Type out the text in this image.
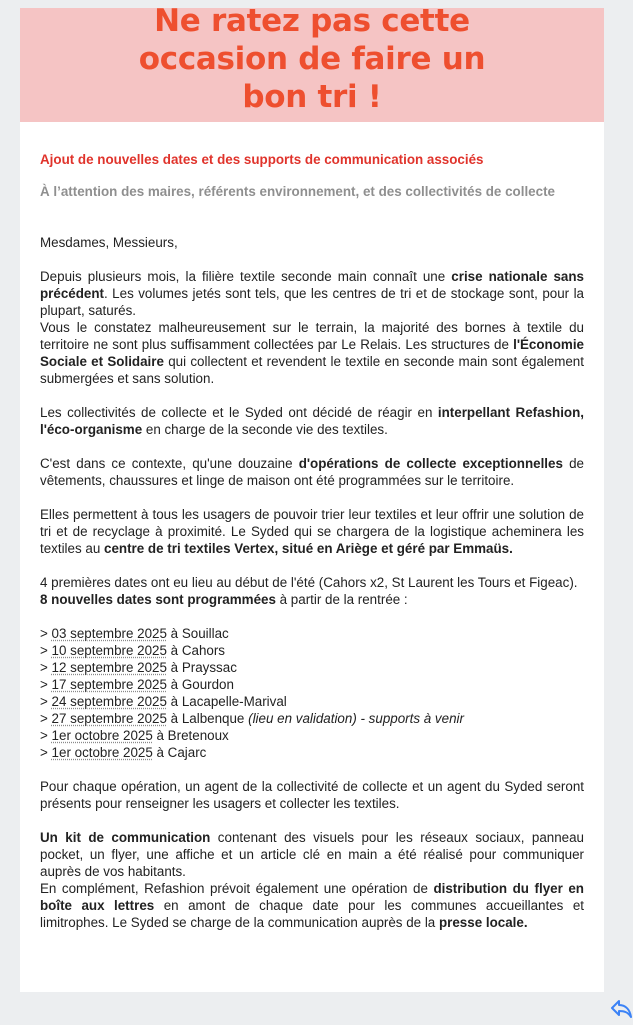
Ne ratez pas cette
occasion de faire un
bon tri !

Ajout de nouvelles dates et des supports de communication associés

À l’attention des maires, référents environnement, et des collectivités de collecte

Mesdames, Messieurs,

Depuis plusieurs mois, la filière textile seconde main connaît une crise nationale sans précédent. Les volumes jetés sont tels, que les centres de tri et de stockage sont, pour la plupart, saturés.

Vous le constatez malheureusement sur le terrain, la majorité des bornes à textile du territoire ne sont plus suffisamment collectées par Le Relais. Les structures de l'Économie Sociale et Solidaire qui collectent et revendent le textile en seconde main sont également submergées et sans solution.

Les collectivités de collecte et le Syded ont décidé de réagir en interpellant Refashion, l'éco-organisme en charge de la seconde vie des textiles.

C'est dans ce contexte, qu'une douzaine d'opérations de collecte exceptionnelles de vêtements, chaussures et linge de maison ont été programmées sur le territoire.

Elles permettent à tous les usagers de pouvoir trier leur textiles et leur offrir une solution de tri et de recyclage à proximité. Le Syded qui se chargera de la logistique acheminera les textiles au centre de tri textiles Vertex, situé en Ariège et géré par Emmaüs.

4 premières dates ont eu lieu au début de l'été (Cahors x2, St Laurent les Tours et Figeac).

8 nouvelles dates sont programmées à partir de la rentrée :

> 03 septembre 2025 à Souillac
> 10 septembre 2025 à Cahors
> 12 septembre 2025 à Prayssac
> 17 septembre 2025 à Gourdon
> 24 septembre 2025 à Lacapelle-Marival
> 27 septembre 2025 à Lalbenque (lieu en validation) - supports à venir
> 1er octobre 2025 à Bretenoux
> 1er octobre 2025 à Cajarc

Pour chaque opération, un agent de la collectivité de collecte et un agent du Syded seront présents pour renseigner les usagers et collecter les textiles.

Un kit de communication contenant des visuels pour les réseaux sociaux, panneau pocket, un flyer, une affiche et un article clé en main a été réalisé pour communiquer auprès de vos habitants.

En complément, Refashion prévoit également une opération de distribution du flyer en boîte aux lettres en amont de chaque date pour les communes accueillantes et limitrophes. Le Syded se charge de la communication auprès de la presse locale.
